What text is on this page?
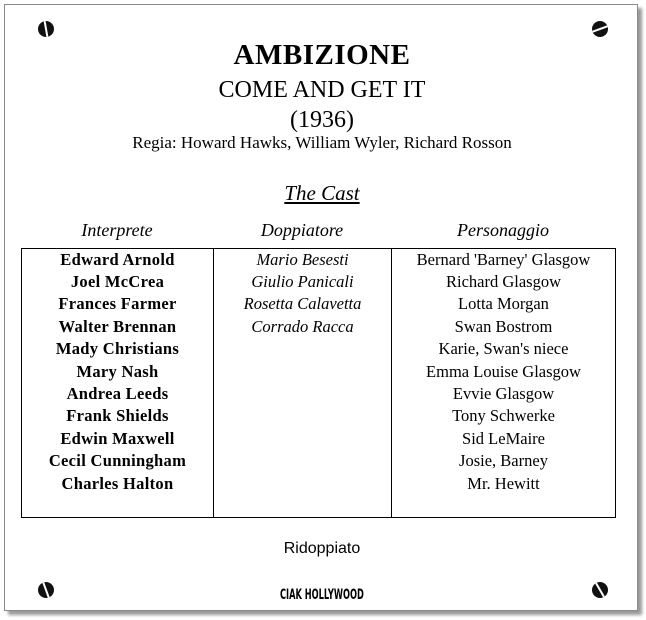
AMBIZIONE
COME AND GET IT
(1936)
Regia: Howard Hawks, William Wyler, Richard Rosson
The Cast
Interprete	Doppiatore	Personaggio
Edward Arnold	Mario Besesti	Bernard 'Barney' Glasgow
Joel McCrea	Giulio Panicali	Richard Glasgow
Frances Farmer	Rosetta Calavetta	Lotta Morgan
Walter Brennan	Corrado Racca	Swan Bostrom
Mady Christians		Karie, Swan's niece
Mary Nash		Emma Louise Glasgow
Andrea Leeds		Evvie Glasgow
Frank Shields		Tony Schwerke
Edwin Maxwell		Sid LeMaire
Cecil Cunningham		Josie, Barney
Charles Halton		Mr. Hewitt

Ridoppiato
CIAK HOLLYWOOD
